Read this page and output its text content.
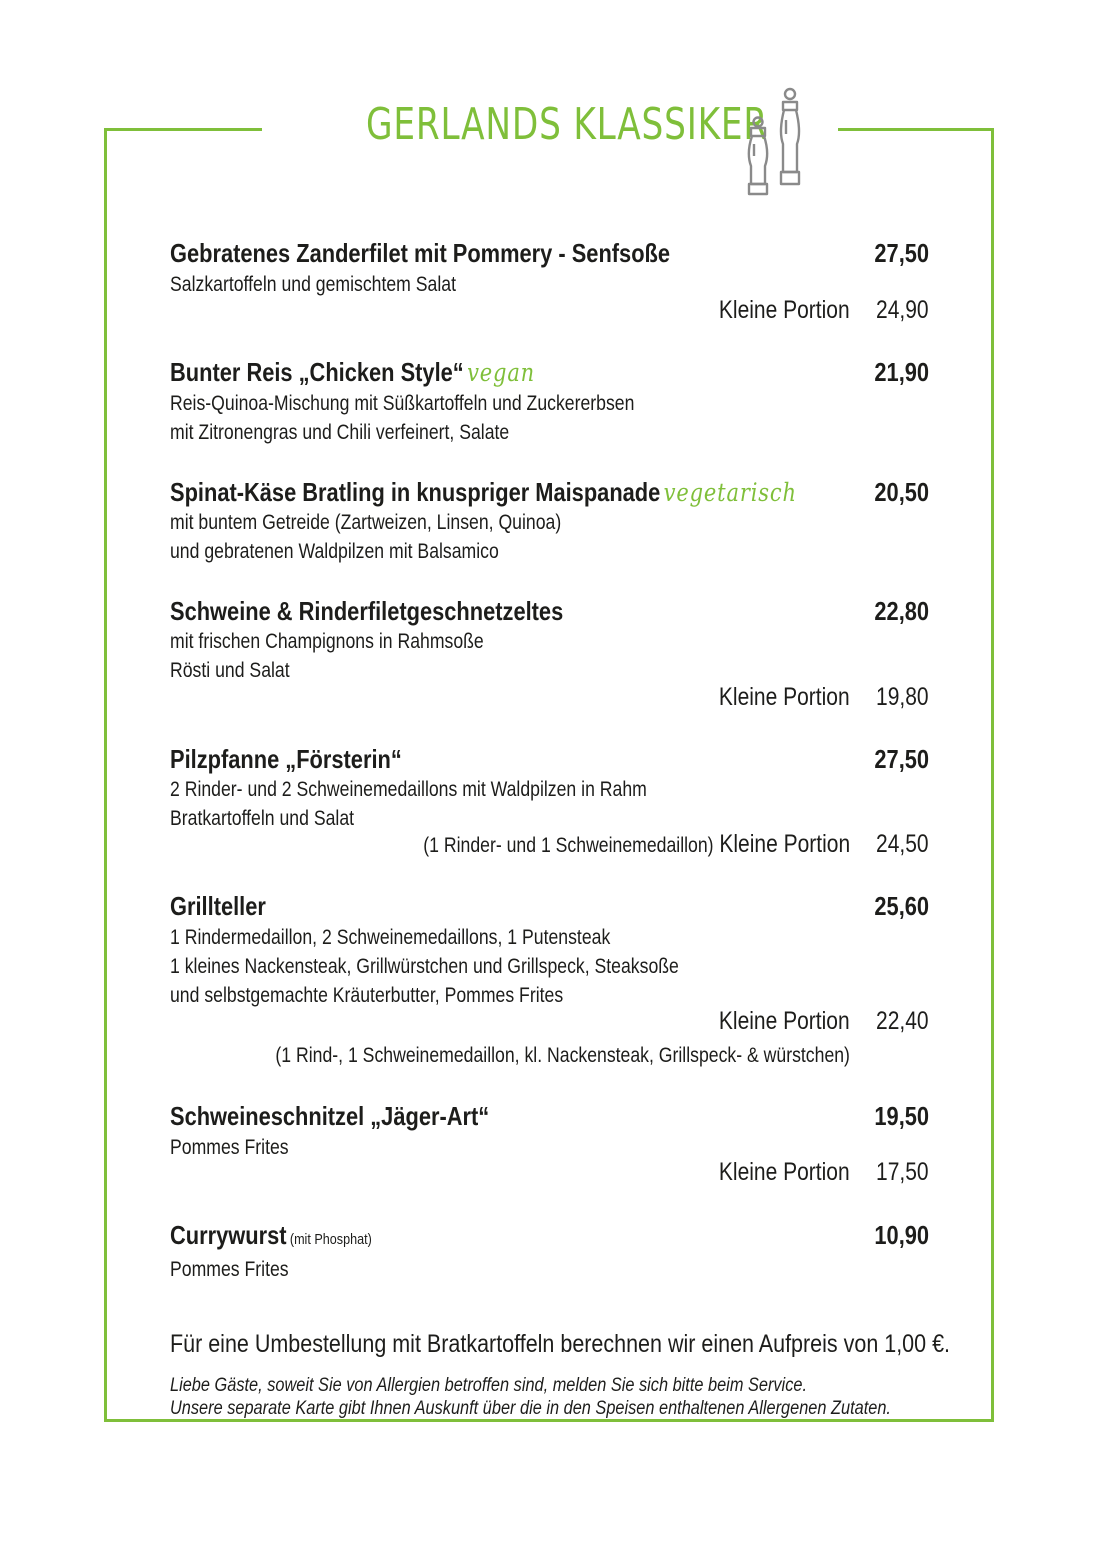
GERLANDS KLASSIKER
Gebratenes Zanderfilet mit Pommery - Senfsoße	27,50
Salzkartoffeln und gemischtem Salat
Kleine Portion 24,90
Bunter Reis „Chicken Style“ vegan	21,90
Reis-Quinoa-Mischung mit Süßkartoffeln und Zuckererbsen
mit Zitronengras und Chili verfeinert, Salate
Spinat-Käse Bratling in knuspriger Maispanade vegetarisch	20,50
mit buntem Getreide (Zartweizen, Linsen, Quinoa)
und gebratenen Waldpilzen mit Balsamico
Schweine & Rinderfiletgeschnetzeltes	22,80
mit frischen Champignons in Rahmsoße
Rösti und Salat
Kleine Portion 19,80
Pilzpfanne „Försterin“	27,50
2 Rinder- und 2 Schweinemedaillons mit Waldpilzen in Rahm
Bratkartoffeln und Salat
(1 Rinder- und 1 Schweinemedaillon) Kleine Portion 24,50
Grillteller	25,60
1 Rindermedaillon, 2 Schweinemedaillons, 1 Putensteak
1 kleines Nackensteak, Grillwürstchen und Grillspeck, Steaksoße
und selbstgemachte Kräuterbutter, Pommes Frites
Kleine Portion 22,40
(1 Rind-, 1 Schweinemedaillon, kl. Nackensteak, Grillspeck- & würstchen)
Schweineschnitzel „Jäger-Art“	19,50
Pommes Frites
Kleine Portion 17,50
Currywurst (mit Phosphat)	10,90
Pommes Frites
Für eine Umbestellung mit Bratkartoffeln berechnen wir einen Aufpreis von 1,00 €.
Liebe Gäste, soweit Sie von Allergien betroffen sind, melden Sie sich bitte beim Service.
Unsere separate Karte gibt Ihnen Auskunft über die in den Speisen enthaltenen Allergenen Zutaten.
